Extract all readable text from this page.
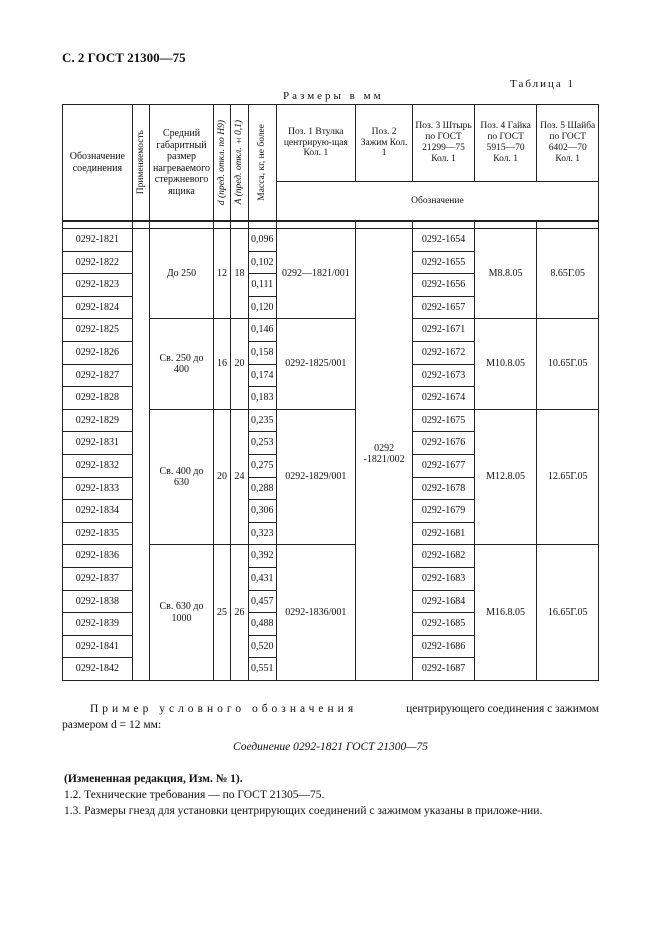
С. 2 ГОСТ 21300—75
Таблица 1
Размеры в мм
Обозначение соединения	Применяемость	Средний габаритный размер нагреваемого стержневого ящика	d (пред. откл. по H9)	A (пред. откл. ±0,1)	Масса, кг, не более	Поз. 1 Втулка центрирую-щая Кол. 1	Поз. 2 Зажим Кол. 1	Поз. 3 Штырь по ГОСТ 21299—75 Кол. 1	Поз. 4 Гайка по ГОСТ 5915—70 Кол. 1	Поз. 5 Шайба по ГОСТ 6402—70 Кол. 1
						Обозначение				

0292-1821		До 250	12	18	0,096	0292—1821/001	0292 -1821/002	0292-1654	М8.8.05	8.65Г.05
0292-1822					0,102			0292-1655		
0292-1823					0,111			0292-1656		
0292-1824					0,120			0292-1657		
0292-1825		Св. 250 до 400	16	20	0,146	0292-1825/001		0292-1671	М10.8.05	10.65Г.05
0292-1826					0,158			0292-1672		
0292-1827					0,174			0292-1673		
0292-1828					0,183			0292-1674		
0292-1829		Св. 400 до 630	20	24	0,235	0292-1829/001		0292-1675	М12.8.05	12.65Г.05
0292-1831					0,253			0292-1676		
0292-1832					0,275			0292-1677		
0292-1833					0,288			0292-1678		
0292-1834					0,306			0292-1679		
0292-1835					0,323			0292-1681		
0292-1836		Св. 630 до 1000	25	26	0,392	0292-1836/001		0292-1682	М16.8.05	16.65Г.05
0292-1837					0,431			0292-1683		
0292-1838					0,457			0292-1684		
0292-1839					0,488			0292-1685		
0292-1841					0,520			0292-1686		
0292-1842					0,551			0292-1687		
Пример условного обозначения	центрирующего соединения с зажимом
размером d = 12 мм:
Соединение 0292-1821 ГОСТ 21300—75
(Измененная редакция, Изм. № 1).
1.2. Технические требования — по ГОСТ 21305—75.
1.3. Размеры гнезд для установки центрирующих соединений с зажимом указаны в приложе-нии.
